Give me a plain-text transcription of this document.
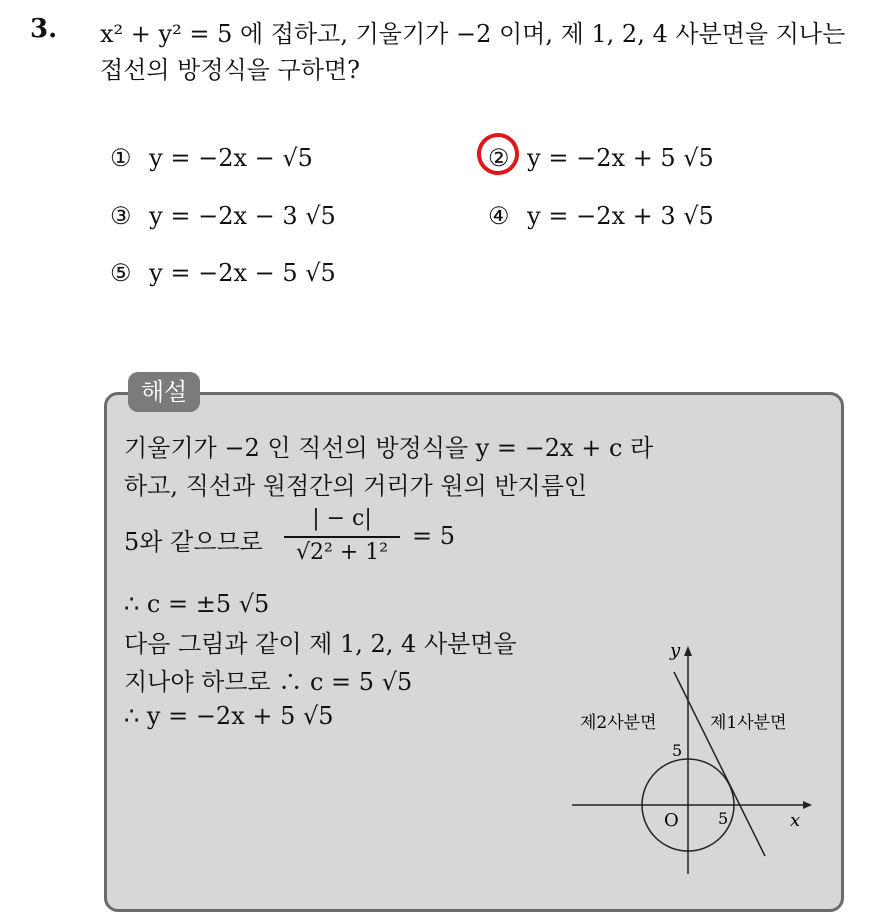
3. x² + y² = 5 에 접하고, 기울기가 −2 이며, 제 1, 2, 4 사분면을 지나는
접선의 방정식을 구하면?
① y = −2x − √5	② y = −2x + 5 √5
③ y = −2x − 3 √5	④ y = −2x + 3 √5
⑤ y = −2x − 5 √5
해설
기울기가 −2 인 직선의 방정식을 y = −2x + c 라
하고, 직선과 원점간의 거리가 원의 반지름인
5와 같으므로
| − c|
√2² + 1²
= 5
∴ c = ±5 √5
다음 그림과 같이 제 1, 2, 4 사분면을
지나야 하므로 ∴ c = 5 √5
∴ y = −2x + 5 √5
y
x
O
5
5
제2사분면	제1사분면
